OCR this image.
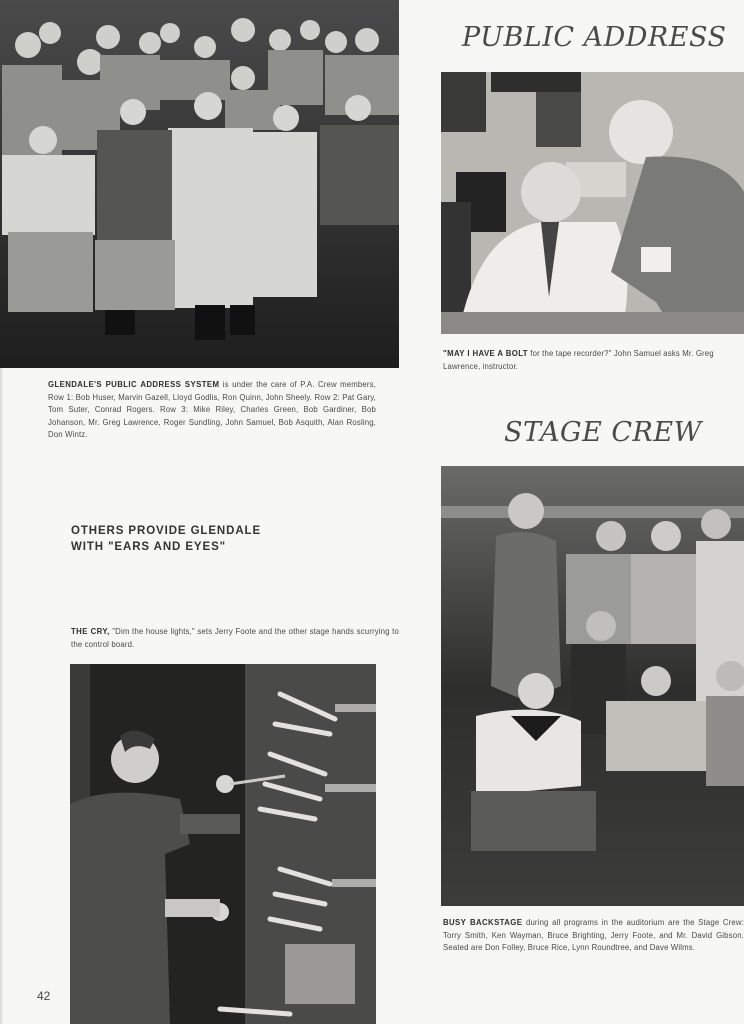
PUBLIC ADDRESS

"MAY I HAVE A BOLT for the tape recorder?" John Samuel asks Mr. Greg Lawrence, instructor.

GLENDALE'S PUBLIC ADDRESS SYSTEM is under the care of P.A. Crew members, Row 1: Bob Huser, Marvin Gazell, Lloyd Godlis, Ron Quinn, John Sheely. Row 2: Pat Gary, Tom Suter, Conrad Rogers. Row 3: Mike Riley, Charles Green, Bob Gardiner, Bob Johanson, Mr. Greg Lawrence, Roger Sundling, John Samuel, Bob Asquith, Alan Rosling, Don Wintz.	STAGE CREW

BUSY BACKSTAGE during all programs in the auditorium are the Stage Crew: Torry Smith, Ken Wayman, Bruce Brighting, Jerry Foote, and Mr. David Gibson. Seated are Don Folley, Bruce Rice, Lynn Roundtree, and Dave Wilms.

OTHERS PROVIDE GLENDALE
WITH "EARS AND EYES"

THE CRY, "Dim the house lights," sets Jerry Foote and the other stage hands scurrying to the control board.

42
